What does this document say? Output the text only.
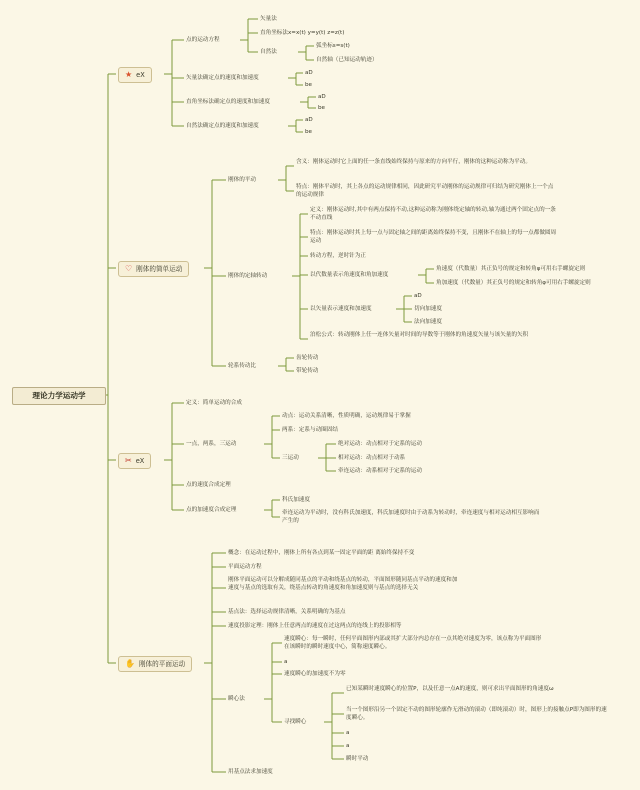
理论力学运动学
★ eX
♡ 刚体的简单运动
✂ eX
✋ 刚体的平面运动
点的运动方程
矢量法
直角坐标法x=x(t) y=y(t) z=z(t)
自然法
弧坐标s=s(t)
自然轴（已知运动轨迹）
矢量法确定点的速度和加速度
aD
be
直角坐标法确定点的速度和加速度
aD
be
自然法确定点的速度和加速度
aD
be
刚体的平动
含义：刚体运动时它上面的任一条直线始终保持与原来的方向平行，刚体的这种运动称为平动。
特点：刚体平动时，其上各点的运动规律相同，因此研究平动刚体的运动规律可归结为研究刚体上一个点的运动规律
刚体的定轴转动
定义：刚体运动时,其中有两点保持不动,这种运动称为刚体绕定轴的转动,轴为通过两个固定点的一条不动直线
特点：刚体运动时其上每一点与固定轴之间的距离始终保持不变，且刚体不在轴上的每一点都做圆周运动
转动方程，逆时针为正
以代数量表示角速度和角加速度
角速度（代数量）其正负号的规定和转角φ可用右手螺旋定则
角加速度（代数量）其正负号的规定和转角φ可用右手螺旋定则
以矢量表示速度和加速度
aD
切向加速度
法向加速度
泊松公式：转动刚体上任一连体矢量对时间的导数等于刚体的角速度矢量与该矢量的矢积
轮系传动比
齿轮传动
带轮传动
定义：简单运动的合成
一点，两系，三运动
动点：运动关系清晰，性质明确，运动规律易于掌握
两系：定系与动圈固结
三运动
绝对运动：动点相对于定系的运动
相对运动：动点相对于动系
牵连运动：动系相对于定系的运动
点的速度合成定理
点的加速度合成定理
科氏加速度
牵连运动为平动时，没有科氏加速度，科氏加速度时由于动系为转动时，牵连速度与相对运动相互影响而产生的
概念：在运动过程中，刚体上所有各点到某一固定平面的距 离始终保持不变
平面运动方程
刚体平面运动可以分解成随同基点的平动和绕基点的转动，平面图形随同基点平动的速度和加速度与基点的选取有关，绕基点转动的角速度和角加速度则与基点的选择无关
基点法：选择运动规律清晰，关系明确的为基点
速度投影定理：刚体上任意两点的速度在过这两点的连线上的投影相等
瞬心法
速度瞬心：每一瞬时，任何平面图形内部或其扩大部分内总存在一点其绝对速度为零，该点称为平面图形在该瞬时的瞬时速度中心，简称速度瞬心。
a
速度瞬心的加速度不为零
寻找瞬心
已知某瞬时速度瞬心的位置P，以及任意一点A的速度，则可求出平面图形的角速度ω
当一个图形沿另一个固定不动的图形轮廓作无滑动的滚动（即纯滚动）时，图形上的接触点P即为图形的速度瞬心。
a
a
瞬时平动
用基点法求加速度
